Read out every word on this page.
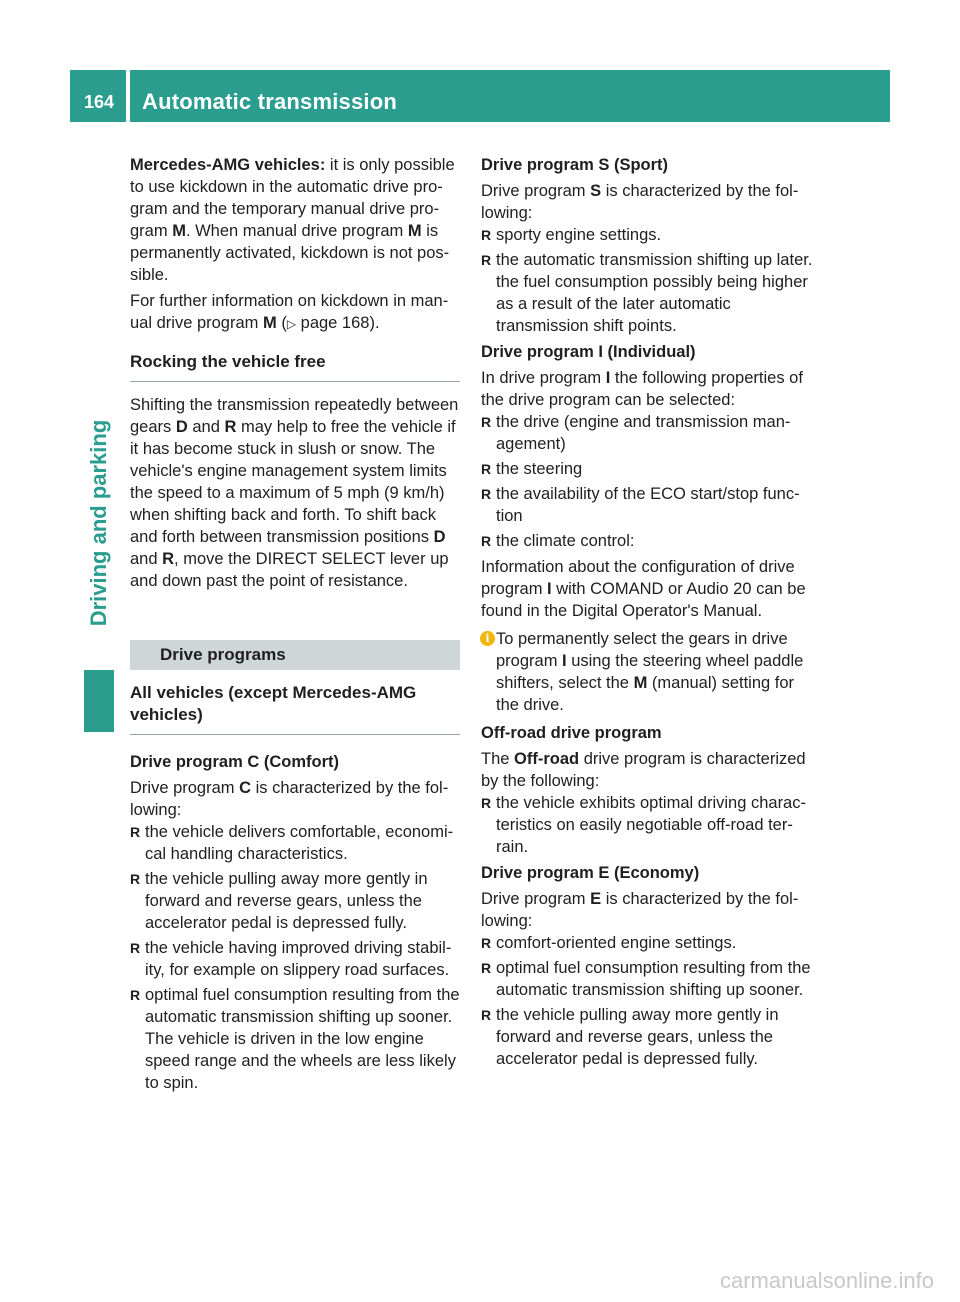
164 Automatic transmission
Driving and parking

Mercedes-AMG vehicles: it is only possible to use kickdown in the automatic drive program and the temporary manual drive program M. When manual drive program M is permanently activated, kickdown is not possible.

For further information on kickdown in manual drive program M (▷ page 168).

Rocking the vehicle free

Shifting the transmission repeatedly between gears D and R may help to free the vehicle if it has become stuck in slush or snow. The vehicle's engine management system limits the speed to a maximum of 5 mph (9 km/h) when shifting back and forth. To shift back and forth between transmission positions D and R, move the DIRECT SELECT lever up and down past the point of resistance.

Drive programs
All vehicles (except Mercedes-AMG vehicles)
Drive program C (Comfort)

Drive program C is characterized by the following:

R the vehicle delivers comfortable, economical handling characteristics.
R the vehicle pulling away more gently in forward and reverse gears, unless the accelerator pedal is depressed fully.
R the vehicle having improved driving stability, for example on slippery road surfaces.
R optimal fuel consumption resulting from the automatic transmission shifting up sooner. The vehicle is driven in the low engine speed range and the wheels are less likely to spin.
Drive program S (Sport)

Drive program S is characterized by the following:

R sporty engine settings.
R the automatic transmission shifting up later. the fuel consumption possibly being higher as a result of the later automatic transmission shift points.
Drive program I (Individual)

In drive program I the following properties of the drive program can be selected:

R the drive (engine and transmission management)
R the steering
R the availability of the ECO start/stop function
R the climate control:

Information about the configuration of drive program I with COMAND or Audio 20 can be found in the Digital Operator's Manual.

i To permanently select the gears in drive program I using the steering wheel paddle shifters, select the M (manual) setting for the drive.
Off-road drive program

The Off-road drive program is characterized by the following:

R the vehicle exhibits optimal driving characteristics on easily negotiable off-road terrain.
Drive program E (Economy)

Drive program E is characterized by the following:

R comfort-oriented engine settings.
R optimal fuel consumption resulting from the automatic transmission shifting up sooner.
R the vehicle pulling away more gently in forward and reverse gears, unless the accelerator pedal is depressed fully.
carmanualsonline.info
